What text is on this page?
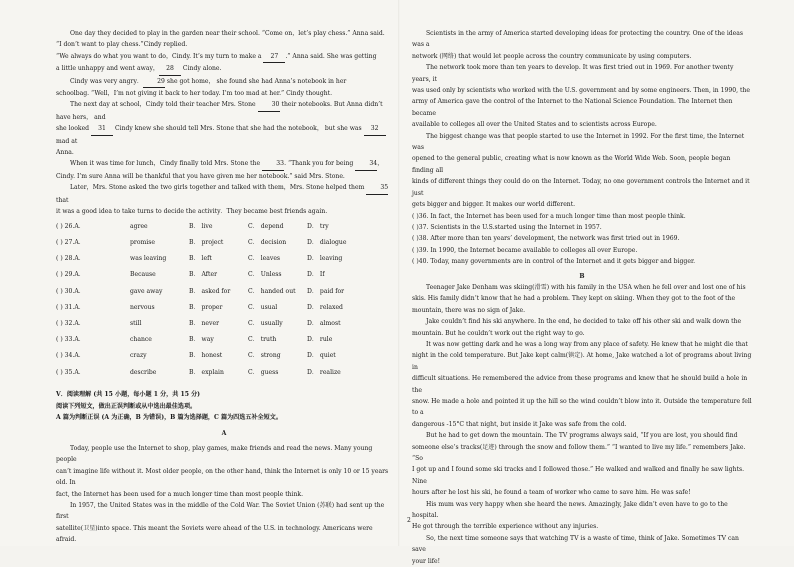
One day they decided to play in the garden near their school. “Come on，let’s play chess.” Anna said.

“I don’t want to play chess.”Cindy replied.

“We always do what you want to do，Cindy. It’s my turn to make a 27 .” Anna said. She was getting

a little unhappy and went away， 28 Cindy alone.

Cindy was very angry． 29 she got home， she found she had Anna’s notebook in her

schoolbag. “Well，I’m not giving it back to her today. I’m too mad at her.” Cindy thought.

The next day at school，Cindy told their teacher Mrs. Stone 30 their notebooks. But Anna didn’t have hers， and

she looked 31 Cindy knew she should tell Mrs. Stone that she had the notebook， but she was 32 mad at

Anna.

When it was time for lunch，Cindy finally told Mrs. Stone the 33. “Thank you for being 34，

Cindy. I’m sure Anna will be thankful that you have given me her notebook.” said Mrs. Stone.

Later，Mrs. Stone asked the two girls together and talked with them，Mrs. Stone helped them 35 that

it was a good idea to take turns to decide the activity．They became best friends again.

( ) 26.A．	agree	B． live	C． depend	D． try
( ) 27.A．	promise	B． project	C． decision	D． dialogue
( ) 28.A．	was leaving	B． left	C． leaves	D． leaving
( ) 29.A．	Because	B． After	C． Unless	D． If
( ) 30.A．	gave away	B． asked for	C． handed out	D． paid for
( ) 31.A．	nervous	B． proper	C． usual	D． relaxed
( ) 32.A．	still	B． never	C． usually	D． almost
( ) 33.A．	chance	B． way	C． truth	D． rule
( ) 34.A．	crazy	B． honest	C． strong	D． quiet
( ) 35.A．	describe	B． explain	C． guess	D． realize

V．阅读理解 (共 15 小题，每小题 1 分，共 15 分)

阅读下列短文，做出正误判断或从中选出最佳选项。

A 篇为判断正误 (A 为正确，B 为错误)，B 篇为选择题，C 篇为四选五补全短文。

A

Today, people use the Internet to shop, play games, make friends and read the news. Many young people

can’t imagine life without it. Most older people, on the other hand, think the Internet is only 10 or 15 years old. In

fact, the Internet has been used for a much longer time than most people think.

In 1957, the United States was in the middle of the Cold War. The Soviet Union (苏联) had sent up the first

satellite(卫星)into space. This meant the Soviets were ahead of the U.S. in technology. Americans were afraid.

Scientists in the army of America started developing ideas for protecting the country. One of the ideas was a

network (网络) that would let people across the country communicate by using computers.

The network took more than ten years to develop. It was first tried out in 1969. For another twenty years, it

was used only by scientists who worked with the U.S. government and by some engineers. Then, in 1990, the

army of America gave the control of the Internet to the National Science Foundation. The Internet then became

available to colleges all over the United States and to scientists across Europe.

The biggest change was that people started to use the Internet in 1992. For the first time, the Internet was

opened to the general public, creating what is now known as the World Wide Web. Soon, people began finding all

kinds of different things they could do on the Internet. Today, no one government controls the Internet and it just

gets bigger and bigger. It makes our world different.

( )36. In fact, the Internet has been used for a much longer time than most people think.

( )37. Scientists in the U.S.started using the Internet in 1957.

( )38. After more than ten years’ development, the network was first tried out in 1969.

( )39. In 1990, the Internet became available to colleges all over Europe.

( )40. Today, many governments are in control of the Internet and it gets bigger and bigger.

B

Teenager Jake Denham was skiing(滑雪) with his family in the USA when he fell over and lost one of his

skis. His family didn’t know that he had a problem. They kept on skiing. When they got to the foot of the

mountain, there was no sign of Jake.

Jake couldn’t find his ski anywhere. In the end, he decided to take off his other ski and walk down the

mountain. But he couldn’t work out the right way to go.

It was now getting dark and he was a long way from any place of safety. He knew that he might die that

night in the cold temperature. But Jake kept calm(镇定). At home, Jake watched a lot of programs about living in

difficult situations. He remembered the advice from these programs and knew that he should build a hole in the

snow. He made a hole and pointed it up the hill so the wind couldn’t blow into it. Outside the temperature fell to a

dangerous -15°C that night, but inside it Jake was safe from the cold.

But he had to get down the mountain. The TV programs always said, “If you are lost, you should find

someone else’s tracks(足迹) through the snow and follow them.” “I wanted to live my life.” remembers Jake. “So

I got up and I found some ski tracks and I followed those.” He walked and walked and finally he saw lights. Nine

hours after he lost his ski, he found a team of worker who came to save him. He was safe!

His mum was very happy when she heard the news. Amazingly, Jake didn’t even have to go to the hospital.

He got through the terrible experience without any injuries.

So, the next time someone says that watching TV is a waste of time, think of Jake. Sometimes TV can save

your life!

2
